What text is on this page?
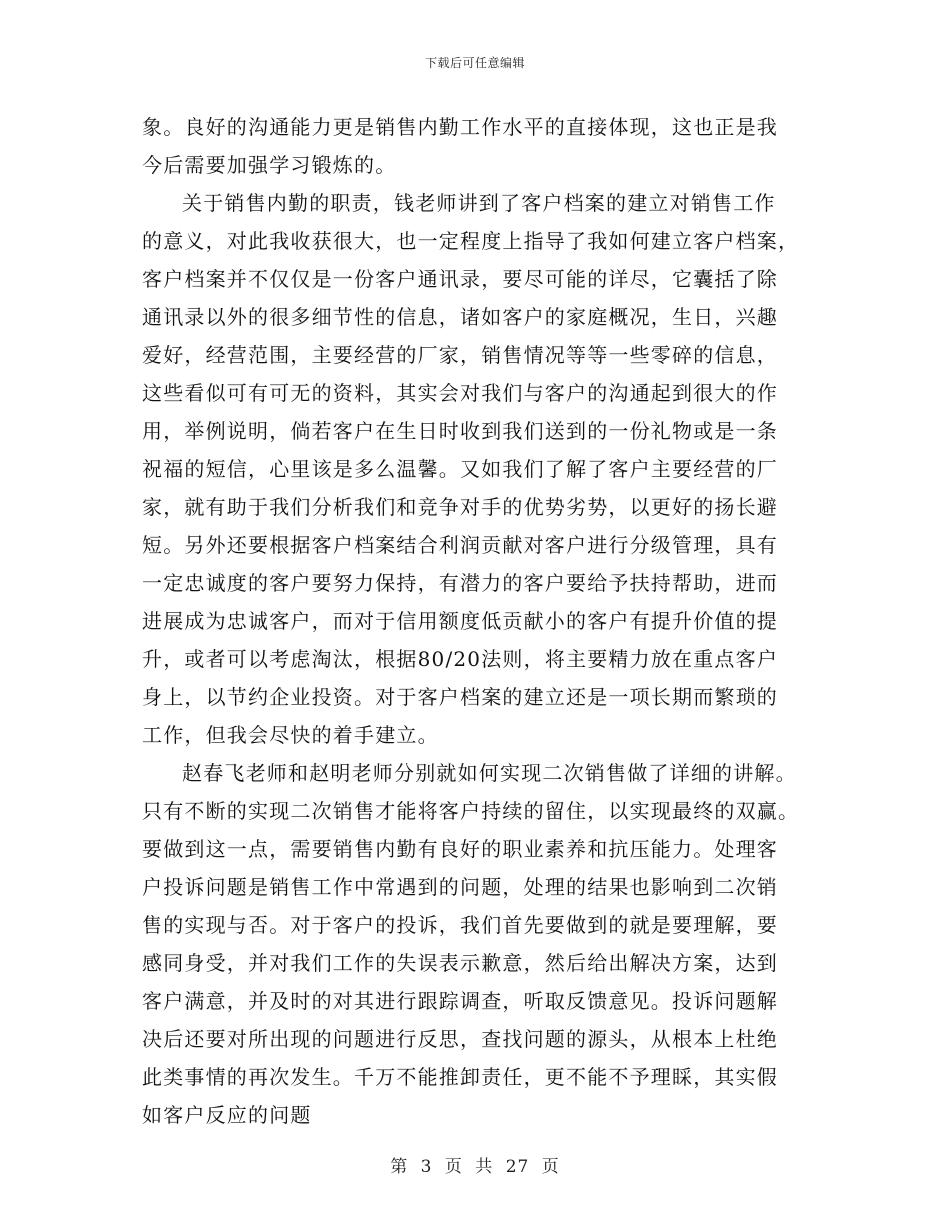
下载后可任意编辑
象。良好的沟通能力更是销售内勤工作水平的直接体现，这也正是我
今后需要加强学习锻炼的。
关于销售内勤的职责，钱老师讲到了客户档案的建立对销售工作
的意义，对此我收获很大，也一定程度上指导了我如何建立客户档案，
客户档案并不仅仅是一份客户通讯录，要尽可能的详尽，它囊括了除
通讯录以外的很多细节性的信息，诸如客户的家庭概况，生日，兴趣
爱好，经营范围，主要经营的厂家，销售情况等等一些零碎的信息，
这些看似可有可无的资料，其实会对我们与客户的沟通起到很大的作
用，举例说明，倘若客户在生日时收到我们送到的一份礼物或是一条
祝福的短信，心里该是多么温馨。又如我们了解了客户主要经营的厂
家，就有助于我们分析我们和竞争对手的优势劣势，以更好的扬长避
短。另外还要根据客户档案结合利润贡献对客户进行分级管理，具有
一定忠诚度的客户要努力保持，有潜力的客户要给予扶持帮助，进而
进展成为忠诚客户，而对于信用额度低贡献小的客户有提升价值的提
升，或者可以考虑淘汰，根据80/20法则，将主要精力放在重点客户
身上，以节约企业投资。对于客户档案的建立还是一项长期而繁琐的
工作，但我会尽快的着手建立。
赵春飞老师和赵明老师分别就如何实现二次销售做了详细的讲解。
只有不断的实现二次销售才能将客户持续的留住，以实现最终的双赢。
要做到这一点，需要销售内勤有良好的职业素养和抗压能力。处理客
户投诉问题是销售工作中常遇到的问题，处理的结果也影响到二次销
售的实现与否。对于客户的投诉，我们首先要做到的就是要理解，要
感同身受，并对我们工作的失误表示歉意，然后给出解决方案，达到
客户满意，并及时的对其进行跟踪调查，听取反馈意见。投诉问题解
决后还要对所出现的问题进行反思，查找问题的源头，从根本上杜绝
此类事情的再次发生。千万不能推卸责任，更不能不予理睬，其实假
如客户反应的问题
第 3 页 共 27 页
